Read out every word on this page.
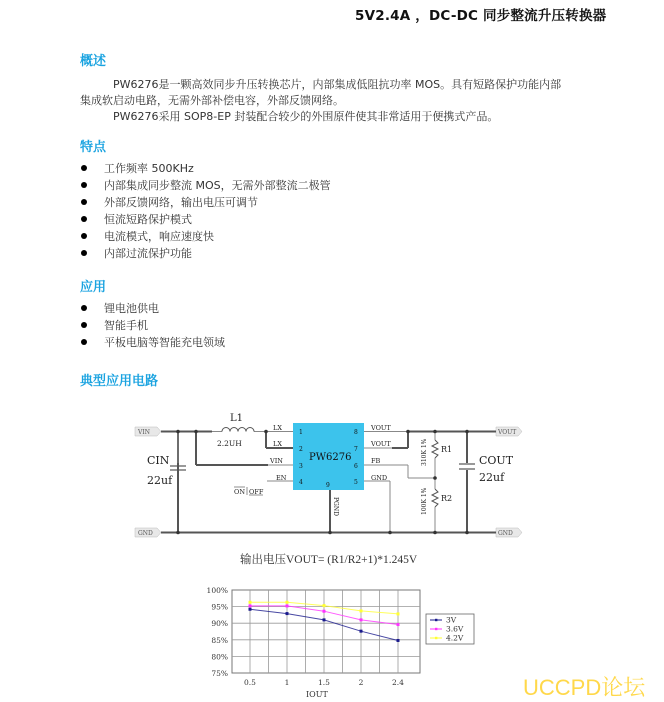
5V2.4A ，DC-DC 同步整流升压转换器
概述
PW6276是一颗高效同步升压转换芯片，内部集成低阻抗功率 MOS。具有短路保护功能内部
集成软启动电路，无需外部补偿电容，外部反馈网络。
PW6276采用 SOP8-EP 封装配合较少的外围原件使其非常适用于便携式产品。
特点
工作频率 500KHz
内部集成同步整流 MOS，无需外部整流二极管
外部反馈网络，输出电压可调节
恒流短路保护模式
电流模式，响应速度快
内部过流保护功能
应用
锂电池供电
智能手机
平板电脑等智能充电领域
典型应用电路
VIN
GND
VOUT
GND
L1
2.2UH
CIN
22uf
COUT
22uf
R1
310K 1%
R2
100K 1%
PW6276
LX
1
LX
2
VIN
3
EN
4
8
VOUT
7
VOUT
6
FB
5
GND
9
PGND
ON OFF
输出电压VOUT= (R1/R2+1)*1.245V
100%
95%
90%
85%
80%
75%
0.5	1	1.5	2	2.4
IOUT
3V
3.6V
4.2V
UCCPD论坛
